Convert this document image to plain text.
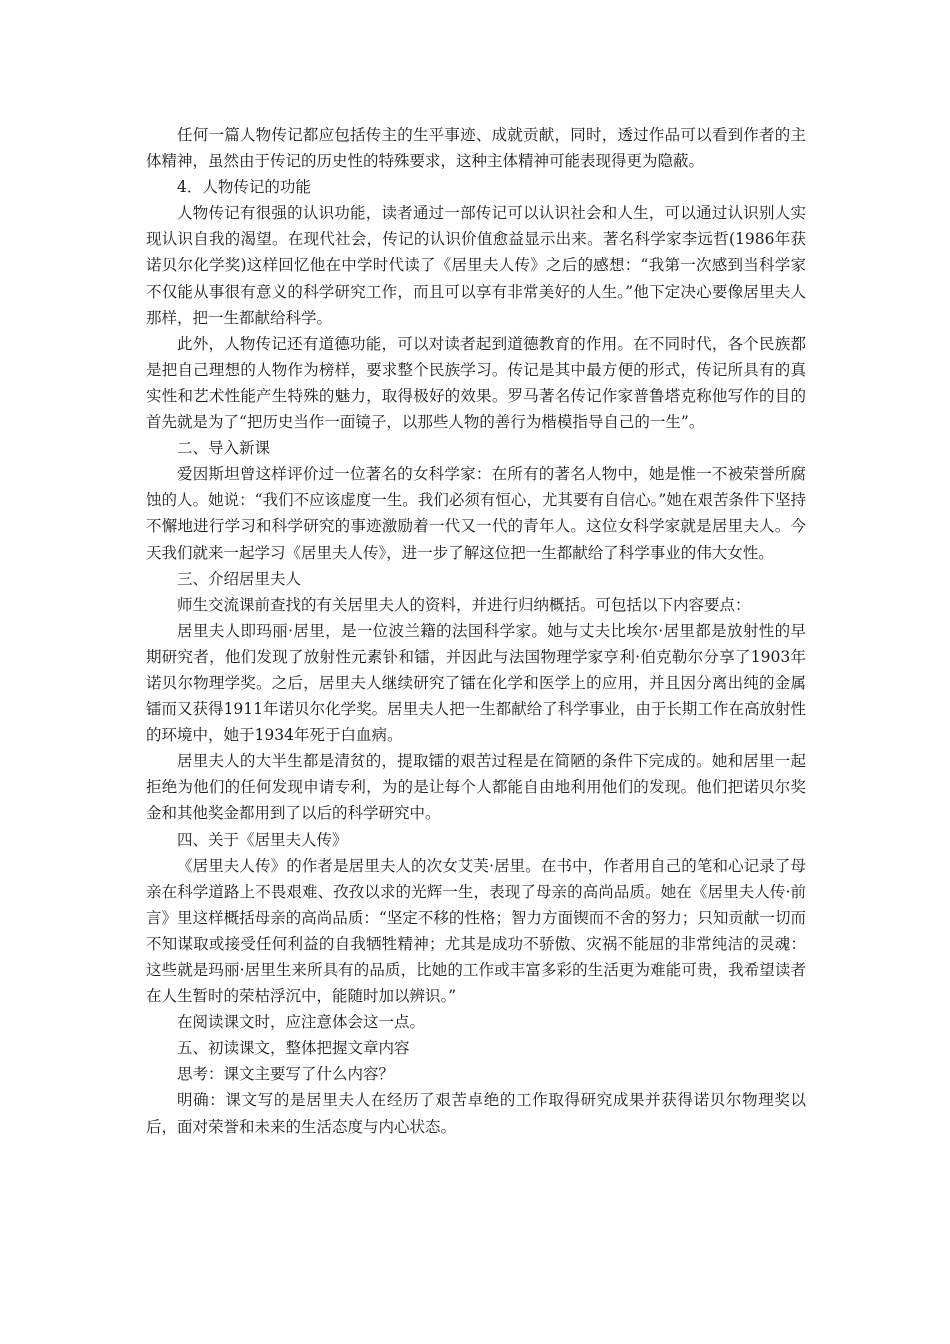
任何一篇人物传记都应包括传主的生平事迹、成就贡献，同时，透过作品可以看到作者的主体精神，虽然由于传记的历史性的特殊要求，这种主体精神可能表现得更为隐蔽。

4．人物传记的功能

人物传记有很强的认识功能，读者通过一部传记可以认识社会和人生，可以通过认识别人实现认识自我的渴望。在现代社会，传记的认识价值愈益显示出来。著名科学家李远哲(1986年获诺贝尔化学奖)这样回忆他在中学时代读了《居里夫人传》之后的感想：“我第一次感到当科学家不仅能从事很有意义的科学研究工作，而且可以享有非常美好的人生。”他下定决心要像居里夫人那样，把一生都献给科学。

此外，人物传记还有道德功能，可以对读者起到道德教育的作用。在不同时代，各个民族都是把自己理想的人物作为榜样，要求整个民族学习。传记是其中最方便的形式，传记所具有的真实性和艺术性能产生特殊的魅力，取得极好的效果。罗马著名传记作家普鲁塔克称他写作的目的首先就是为了“把历史当作一面镜子，以那些人物的善行为楷模指导自己的一生”。

二、导入新课

爱因斯坦曾这样评价过一位著名的女科学家：在所有的著名人物中，她是惟一不被荣誉所腐蚀的人。她说：“我们不应该虚度一生。我们必须有恒心，尤其要有自信心。”她在艰苦条件下坚持不懈地进行学习和科学研究的事迹激励着一代又一代的青年人。这位女科学家就是居里夫人。今天我们就来一起学习《居里夫人传》，进一步了解这位把一生都献给了科学事业的伟大女性。

三、介绍居里夫人

师生交流课前查找的有关居里夫人的资料，并进行归纳概括。可包括以下内容要点：

居里夫人即玛丽·居里，是一位波兰籍的法国科学家。她与丈夫比埃尔·居里都是放射性的早期研究者，他们发现了放射性元素钋和镭，并因此与法国物理学家亨利·伯克勒尔分享了1903年诺贝尔物理学奖。之后，居里夫人继续研究了镭在化学和医学上的应用，并且因分离出纯的金属镭而又获得1911年诺贝尔化学奖。居里夫人把一生都献给了科学事业，由于长期工作在高放射性的环境中，她于1934年死于白血病。

居里夫人的大半生都是清贫的，提取镭的艰苦过程是在简陋的条件下完成的。她和居里一起拒绝为他们的任何发现申请专利，为的是让每个人都能自由地利用他们的发现。他们把诺贝尔奖金和其他奖金都用到了以后的科学研究中。

四、关于《居里夫人传》

《居里夫人传》的作者是居里夫人的次女艾芙·居里。在书中，作者用自己的笔和心记录了母亲在科学道路上不畏艰难、孜孜以求的光辉一生，表现了母亲的高尚品质。她在《居里夫人传·前言》里这样概括母亲的高尚品质：“坚定不移的性格；智力方面锲而不舍的努力；只知贡献一切而不知谋取或接受任何利益的自我牺牲精神；尤其是成功不骄傲、灾祸不能屈的非常纯洁的灵魂：这些就是玛丽·居里生来所具有的品质，比她的工作或丰富多彩的生活更为难能可贵，我希望读者在人生暂时的荣枯浮沉中，能随时加以辨识。”

在阅读课文时，应注意体会这一点。

五、初读课文，整体把握文章内容

思考：课文主要写了什么内容？

明确：课文写的是居里夫人在经历了艰苦卓绝的工作取得研究成果并获得诺贝尔物理奖以后，面对荣誉和未来的生活态度与内心状态。
